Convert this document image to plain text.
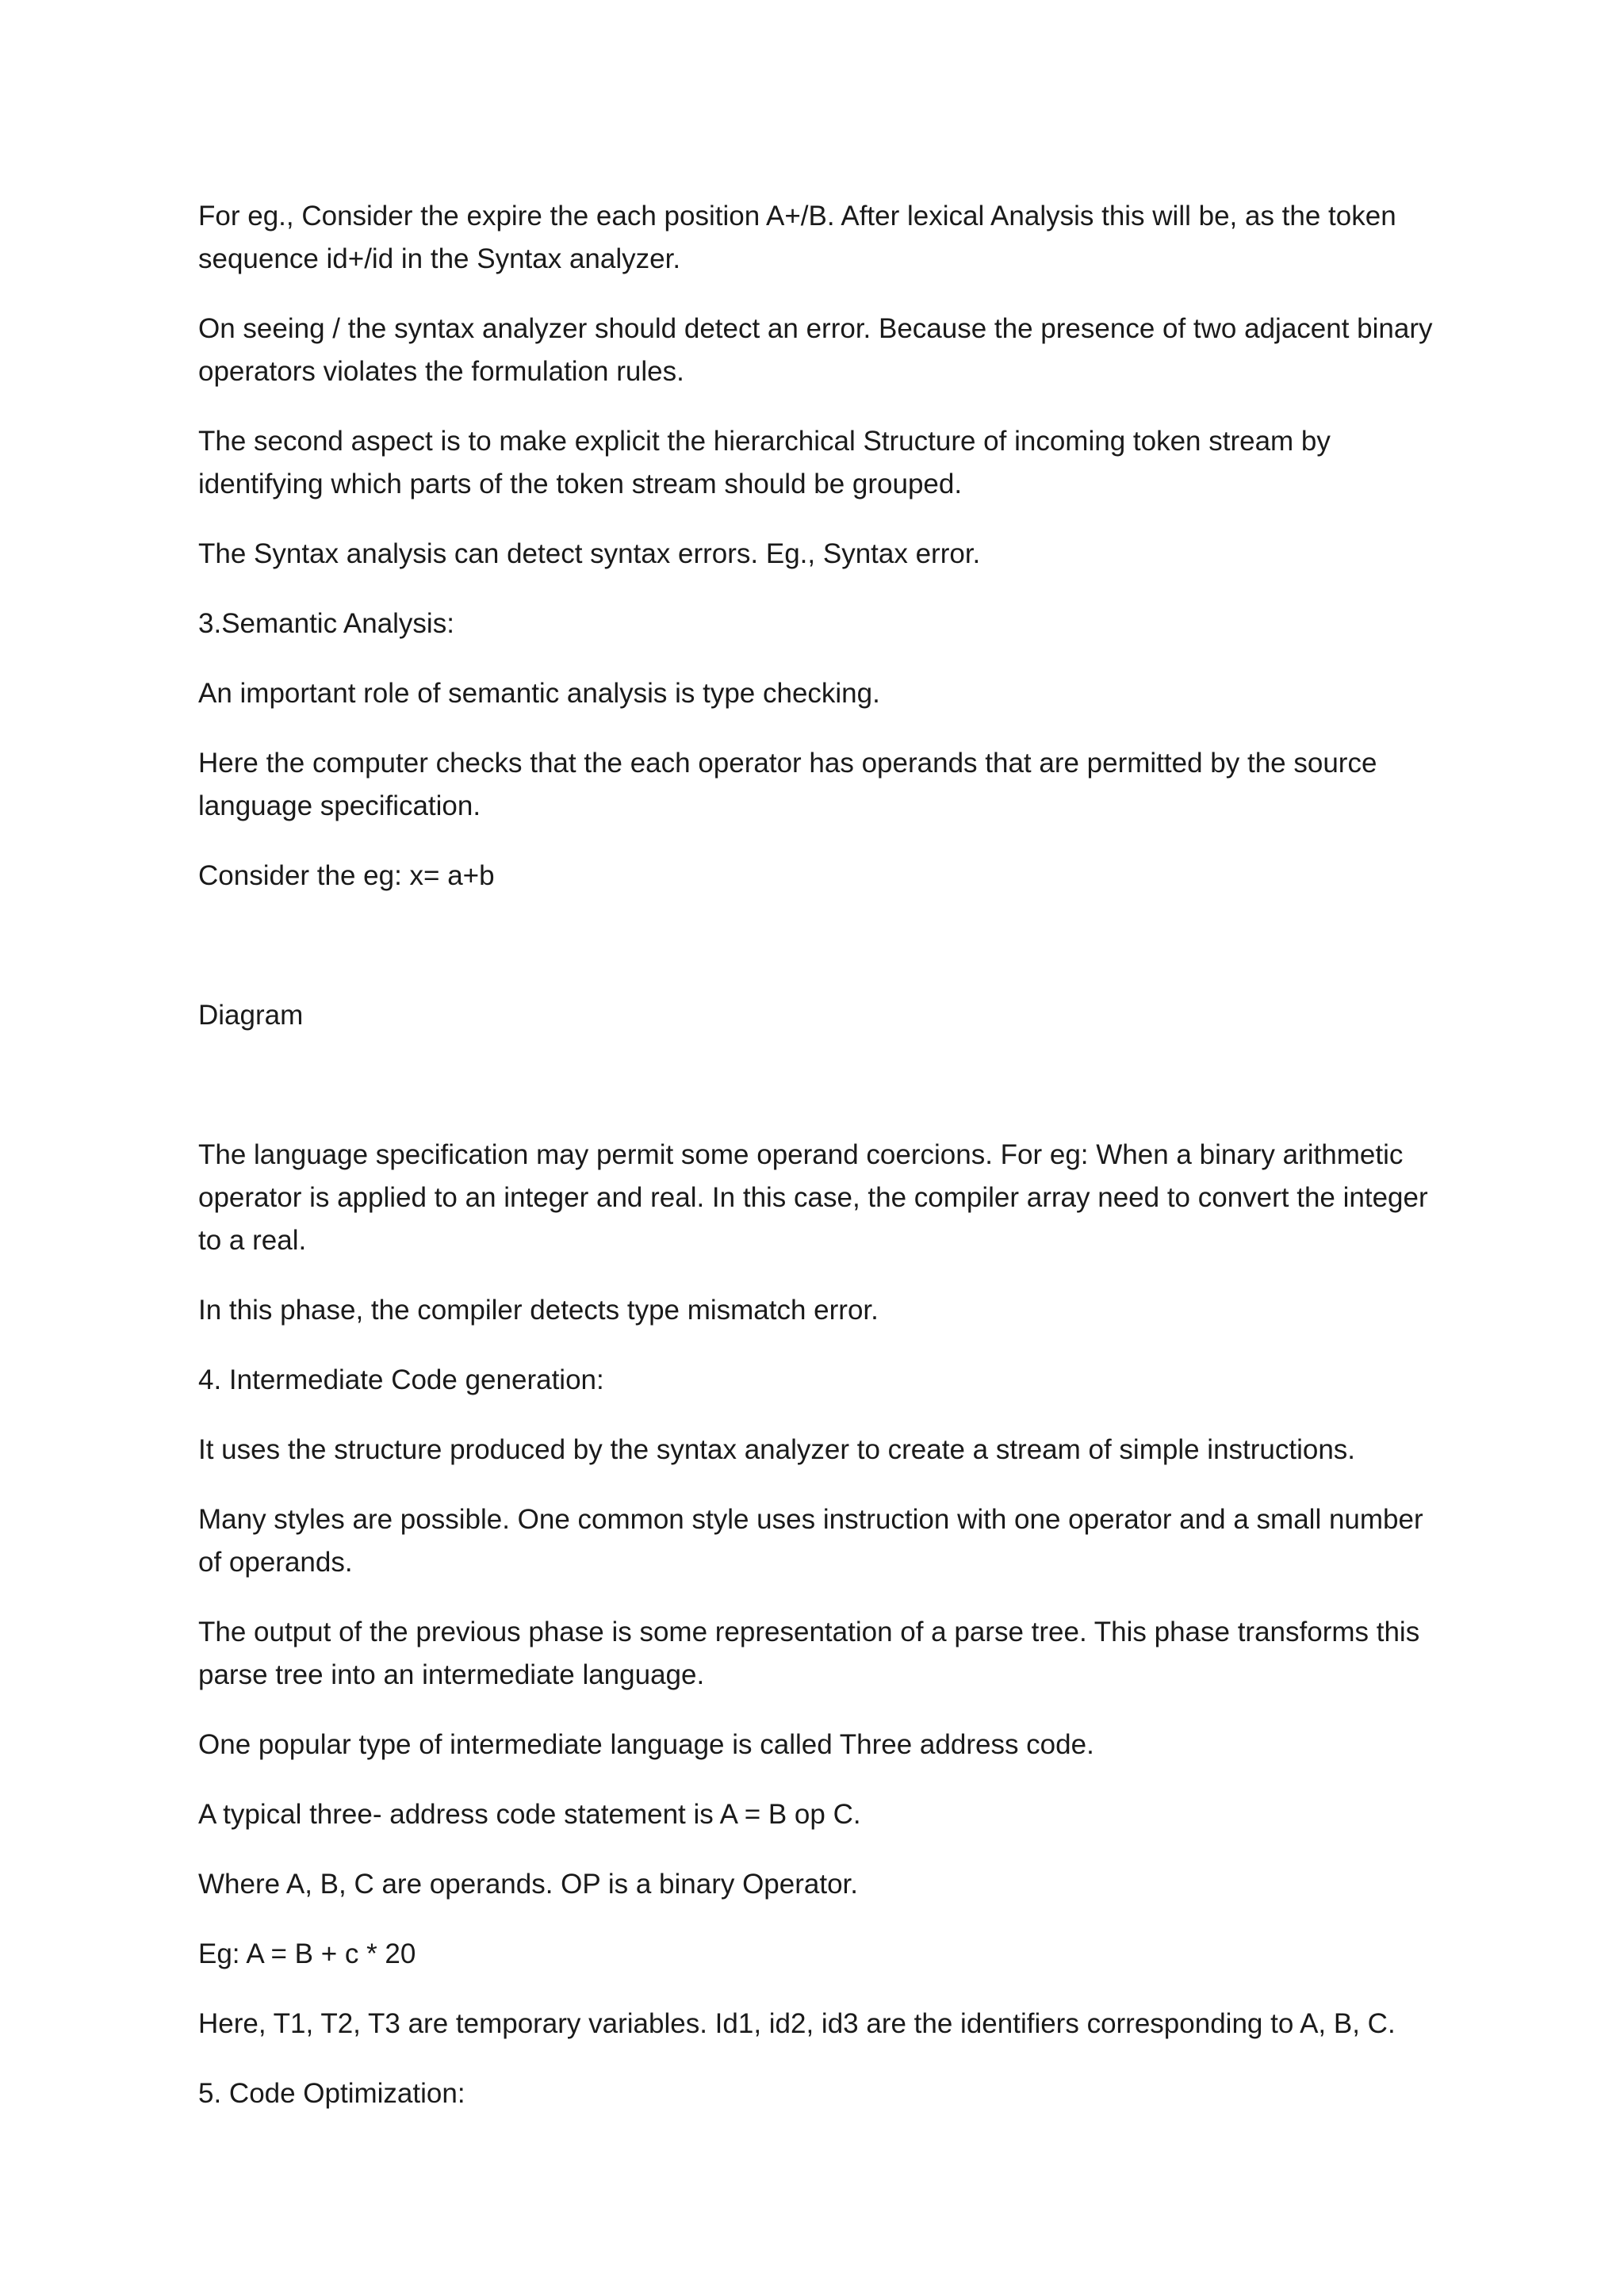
For eg., Consider the expire the each position A+/B. After lexical Analysis this will be, as the token sequence id+/id in the Syntax analyzer.

On seeing / the syntax analyzer should detect an error. Because the presence of two adjacent binary operators violates the formulation rules.

The second aspect is to make explicit the hierarchical Structure of incoming token stream by identifying which parts of the token stream should be grouped.

The Syntax analysis can detect syntax errors. Eg., Syntax error.

3.Semantic Analysis:

An important role of semantic analysis is type checking.

Here the computer checks that the each operator has operands that are permitted by the source language specification.

Consider the eg: x= a+b

Diagram

The language specification may permit some operand coercions. For eg: When a binary arithmetic operator is applied to an integer and real. In this case, the compiler array need to convert the integer to a real.

In this phase, the compiler detects type mismatch error.

4. Intermediate Code generation:

It uses the structure produced by the syntax analyzer to create a stream of simple instructions.

Many styles are possible. One common style uses instruction with one operator and a small number of operands.

The output of the previous phase is some representation of a parse tree. This phase transforms this parse tree into an intermediate language.

One popular type of intermediate language is called Three address code.

A typical three- address code statement is A = B op C.

Where A, B, C are operands. OP is a binary Operator.

Eg: A = B + c * 20

Here, T1, T2, T3 are temporary variables. Id1, id2, id3 are the identifiers corresponding to A, B, C.

5. Code Optimization:
